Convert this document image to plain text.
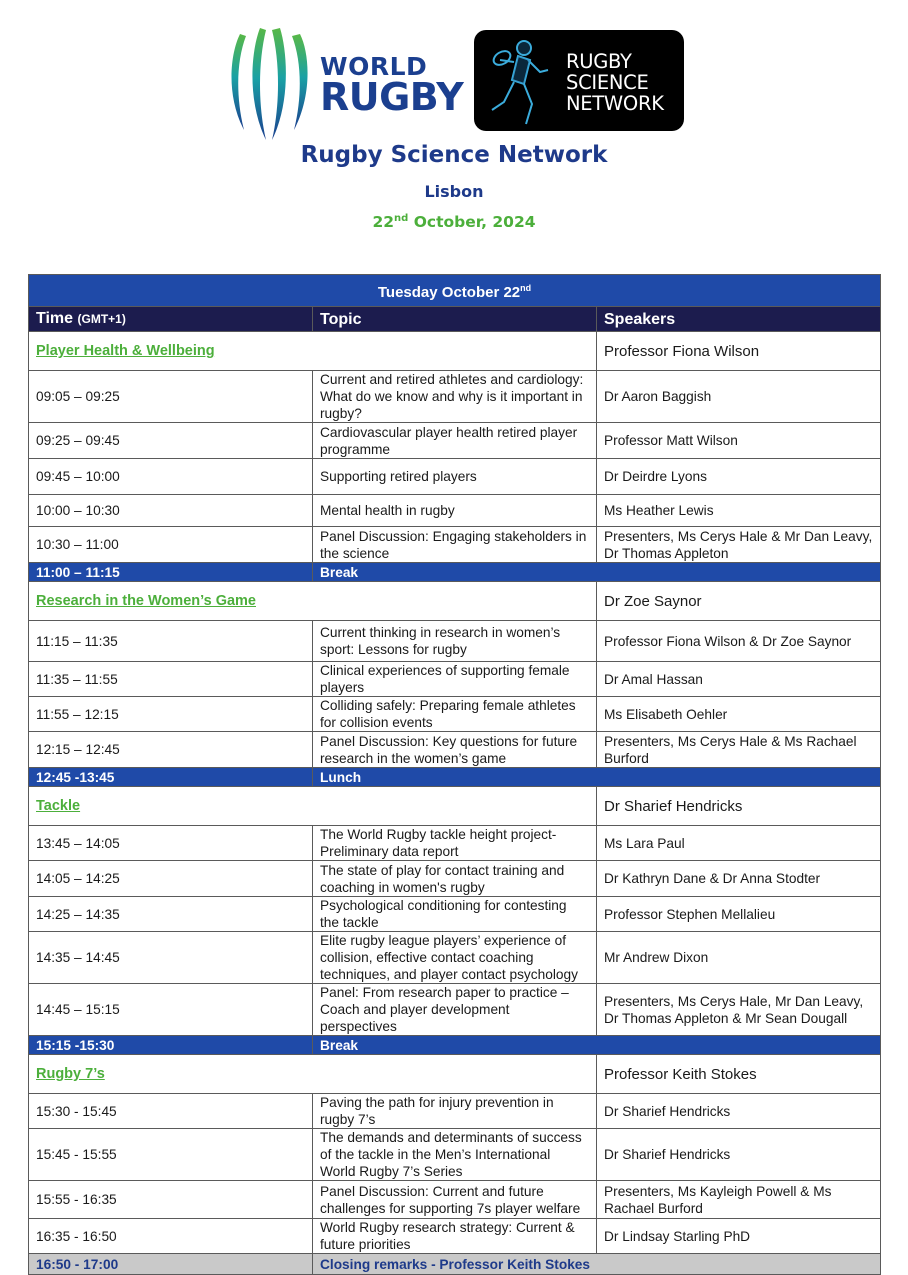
WORLD
RUGBY
RUGBY
SCIENCE
NETWORK
Rugby Science Network
Lisbon
22nd October, 2024
Tuesday October 22nd
Time (GMT+1)	Topic	Speakers
Player Health & Wellbeing		Professor Fiona Wilson
09:05 – 09:25	Current and retired athletes and cardiology: What do we know and why is it important in rugby?	Dr Aaron Baggish
09:25 – 09:45	Cardiovascular player health retired player programme	Professor Matt Wilson
09:45 – 10:00	Supporting retired players	Dr Deirdre Lyons
10:00 – 10:30	Mental health in rugby	Ms Heather Lewis
10:30 – 11:00	Panel Discussion: Engaging stakeholders in the science	Presenters, Ms Cerys Hale & Mr Dan Leavy, Dr Thomas Appleton
11:00 – 11:15	Break	
Research in the Women’s Game		Dr Zoe Saynor
11:15 – 11:35	Current thinking in research in women’s sport: Lessons for rugby	Professor Fiona Wilson & Dr Zoe Saynor
11:35 – 11:55	Clinical experiences of supporting female players	Dr Amal Hassan
11:55 – 12:15	Colliding safely: Preparing female athletes for collision events	Ms Elisabeth Oehler
12:15 – 12:45	Panel Discussion: Key questions for future research in the women’s game	Presenters, Ms Cerys Hale & Ms Rachael Burford
12:45 -13:45	Lunch	
Tackle		Dr Sharief Hendricks
13:45 – 14:05	The World Rugby tackle height project- Preliminary data report	Ms Lara Paul
14:05 – 14:25	The state of play for contact training and coaching in women's rugby	Dr Kathryn Dane & Dr Anna Stodter
14:25 – 14:35	Psychological conditioning for contesting the tackle	Professor Stephen Mellalieu
14:35 – 14:45	Elite rugby league players’ experience of collision, effective contact coaching techniques, and player contact psychology	Mr Andrew Dixon
14:45 – 15:15	Panel: From research paper to practice – Coach and player development perspectives	Presenters, Ms Cerys Hale, Mr Dan Leavy, Dr Thomas Appleton & Mr Sean Dougall
15:15 -15:30	Break	
Rugby 7’s		Professor Keith Stokes
15:30 - 15:45	Paving the path for injury prevention in rugby 7’s	Dr Sharief Hendricks
15:45 - 15:55	The demands and determinants of success of the tackle in the Men’s International World Rugby 7’s Series	Dr Sharief Hendricks
15:55 - 16:35	Panel Discussion: Current and future challenges for supporting 7s player welfare	Presenters, Ms Kayleigh Powell & Ms Rachael Burford
16:35 - 16:50	World Rugby research strategy: Current & future priorities	Dr Lindsay Starling PhD
16:50 - 17:00	Closing remarks - Professor Keith Stokes	
